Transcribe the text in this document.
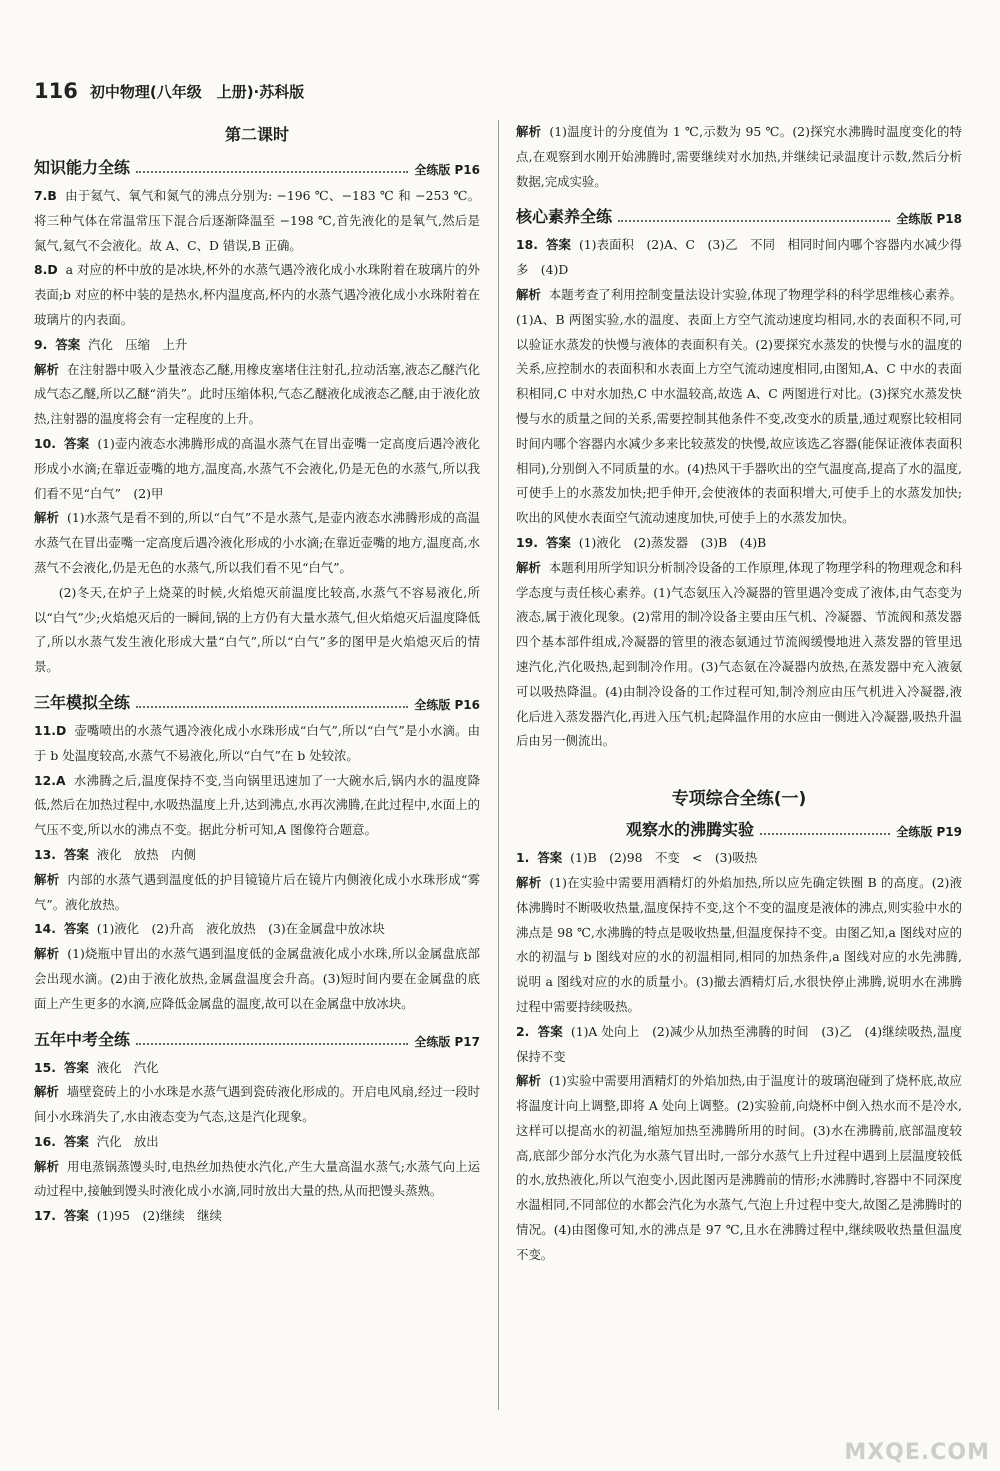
116 初中物理(八年级　上册)·苏科版
第二课时
知识能力全练	全练版 P16
7.B 由于氦气、氧气和氮气的沸点分别为: −196 ℃、−183 ℃ 和 −253 ℃。将三种气体在常温常压下混合后逐渐降温至 −198 ℃,首先液化的是氧气,然后是氮气,氦气不会液化。故 A、C、D 错误,B 正确。
8.D a 对应的杯中放的是冰块,杯外的水蒸气遇冷液化成小水珠附着在玻璃片的外表面;b 对应的杯中装的是热水,杯内温度高,杯内的水蒸气遇冷液化成小水珠附着在玻璃片的内表面。
9. 答案 汽化　压缩　上升
解析 在注射器中吸入少量液态乙醚,用橡皮塞堵住注射孔,拉动活塞,液态乙醚汽化成气态乙醚,所以乙醚“消失”。此时压缩体积,气态乙醚液化成液态乙醚,由于液化放热,注射器的温度将会有一定程度的上升。
10. 答案 (1)壶内液态水沸腾形成的高温水蒸气在冒出壶嘴一定高度后遇冷液化形成小水滴;在靠近壶嘴的地方,温度高,水蒸气不会液化,仍是无色的水蒸气,所以我们看不见“白气”　(2)甲
解析 (1)水蒸气是看不到的,所以“白气”不是水蒸气,是壶内液态水沸腾形成的高温水蒸气在冒出壶嘴一定高度后遇冷液化形成的小水滴;在靠近壶嘴的地方,温度高,水蒸气不会液化,仍是无色的水蒸气,所以我们看不见“白气”。
(2)冬天,在炉子上烧菜的时候,火焰熄灭前温度比较高,水蒸气不容易液化,所以“白气”少;火焰熄灭后的一瞬间,锅的上方仍有大量水蒸气,但火焰熄灭后温度降低了,所以水蒸气发生液化形成大量“白气”,所以“白气”多的图甲是火焰熄灭后的情景。
三年模拟全练	全练版 P16
11.D 壶嘴喷出的水蒸气遇冷液化成小水珠形成“白气”,所以“白气”是小水滴。由于 b 处温度较高,水蒸气不易液化,所以“白气”在 b 处较浓。
12.A 水沸腾之后,温度保持不变,当向锅里迅速加了一大碗水后,锅内水的温度降低,然后在加热过程中,水吸热温度上升,达到沸点,水再次沸腾,在此过程中,水面上的气压不变,所以水的沸点不变。据此分析可知,A 图像符合题意。
13. 答案 液化　放热　内侧
解析 内部的水蒸气遇到温度低的护目镜镜片后在镜片内侧液化成小水珠形成“雾气”。液化放热。
14. 答案 (1)液化　(2)升高　液化放热　(3)在金属盘中放冰块
解析 (1)烧瓶中冒出的水蒸气遇到温度低的金属盘液化成小水珠,所以金属盘底部会出现水滴。(2)由于液化放热,金属盘温度会升高。(3)短时间内要在金属盘的底面上产生更多的水滴,应降低金属盘的温度,故可以在金属盘中放冰块。
五年中考全练	全练版 P17
15. 答案 液化　汽化
解析 墙壁瓷砖上的小水珠是水蒸气遇到瓷砖液化形成的。开启电风扇,经过一段时间小水珠消失了,水由液态变为气态,这是汽化现象。
16. 答案 汽化　放出
解析 用电蒸锅蒸馒头时,电热丝加热使水汽化,产生大量高温水蒸气;水蒸气向上运动过程中,接触到馒头时液化成小水滴,同时放出大量的热,从而把馒头蒸熟。
17. 答案 (1)95　(2)继续　继续
解析 (1)温度计的分度值为 1 ℃,示数为 95 ℃。(2)探究水沸腾时温度变化的特点,在观察到水刚开始沸腾时,需要继续对水加热,并继续记录温度计示数,然后分析数据,完成实验。
核心素养全练	全练版 P18
18. 答案 (1)表面积　(2)A、C　(3)乙　不同　相同时间内哪个容器内水减少得多　(4)D
解析 本题考查了利用控制变量法设计实验,体现了物理学科的科学思维核心素养。(1)A、B 两图实验,水的温度、表面上方空气流动速度均相同,水的表面积不同,可以验证水蒸发的快慢与液体的表面积有关。(2)要探究水蒸发的快慢与水的温度的关系,应控制水的表面积和水表面上方空气流动速度相同,由图知,A、C 中水的表面积相同,C 中对水加热,C 中水温较高,故选 A、C 两图进行对比。(3)探究水蒸发快慢与水的质量之间的关系,需要控制其他条件不变,改变水的质量,通过观察比较相同时间内哪个容器内水减少多来比较蒸发的快慢,故应该选乙容器(能保证液体表面积相同),分别倒入不同质量的水。(4)热风干手器吹出的空气温度高,提高了水的温度,可使手上的水蒸发加快;把手伸开,会使液体的表面积增大,可使手上的水蒸发加快;吹出的风使水表面空气流动速度加快,可使手上的水蒸发加快。
19. 答案 (1)液化　(2)蒸发器　(3)B　(4)B
解析 本题利用所学知识分析制冷设备的工作原理,体现了物理学科的物理观念和科学态度与责任核心素养。(1)气态氨压入冷凝器的管里遇冷变成了液体,由气态变为液态,属于液化现象。(2)常用的制冷设备主要由压气机、冷凝器、节流阀和蒸发器四个基本部件组成,冷凝器的管里的液态氨通过节流阀缓慢地进入蒸发器的管里迅速汽化,汽化吸热,起到制冷作用。(3)气态氨在冷凝器内放热,在蒸发器中充入液氨可以吸热降温。(4)由制冷设备的工作过程可知,制冷剂应由压气机进入冷凝器,液化后进入蒸发器汽化,再进入压气机;起降温作用的水应由一侧进入冷凝器,吸热升温后由另一侧流出。
专项综合全练(一)
观察水的沸腾实验	全练版 P19
1. 答案 (1)B　(2)98　不变　<　(3)吸热
解析 (1)在实验中需要用酒精灯的外焰加热,所以应先确定铁圈 B 的高度。(2)液体沸腾时不断吸收热量,温度保持不变,这个不变的温度是液体的沸点,则实验中水的沸点是 98 ℃,水沸腾的特点是吸收热量,但温度保持不变。由图乙知,a 图线对应的水的初温与 b 图线对应的水的初温相同,相同的加热条件,a 图线对应的水先沸腾,说明 a 图线对应的水的质量小。(3)撤去酒精灯后,水很快停止沸腾,说明水在沸腾过程中需要持续吸热。
2. 答案 (1)A 处向上　(2)减少从加热至沸腾的时间　(3)乙　(4)继续吸热,温度保持不变
解析 (1)实验中需要用酒精灯的外焰加热,由于温度计的玻璃泡碰到了烧杯底,故应将温度计向上调整,即将 A 处向上调整。(2)实验前,向烧杯中倒入热水而不是冷水,这样可以提高水的初温,缩短加热至沸腾所用的时间。(3)水在沸腾前,底部温度较高,底部少部分水汽化为水蒸气冒出时,一部分水蒸气上升过程中遇到上层温度较低的水,放热液化,所以气泡变小,因此图丙是沸腾前的情形;水沸腾时,容器中不同深度水温相同,不同部位的水都会汽化为水蒸气,气泡上升过程中变大,故图乙是沸腾时的情况。(4)由图像可知,水的沸点是 97 ℃,且水在沸腾过程中,继续吸收热量但温度不变。
MXQE.COM
